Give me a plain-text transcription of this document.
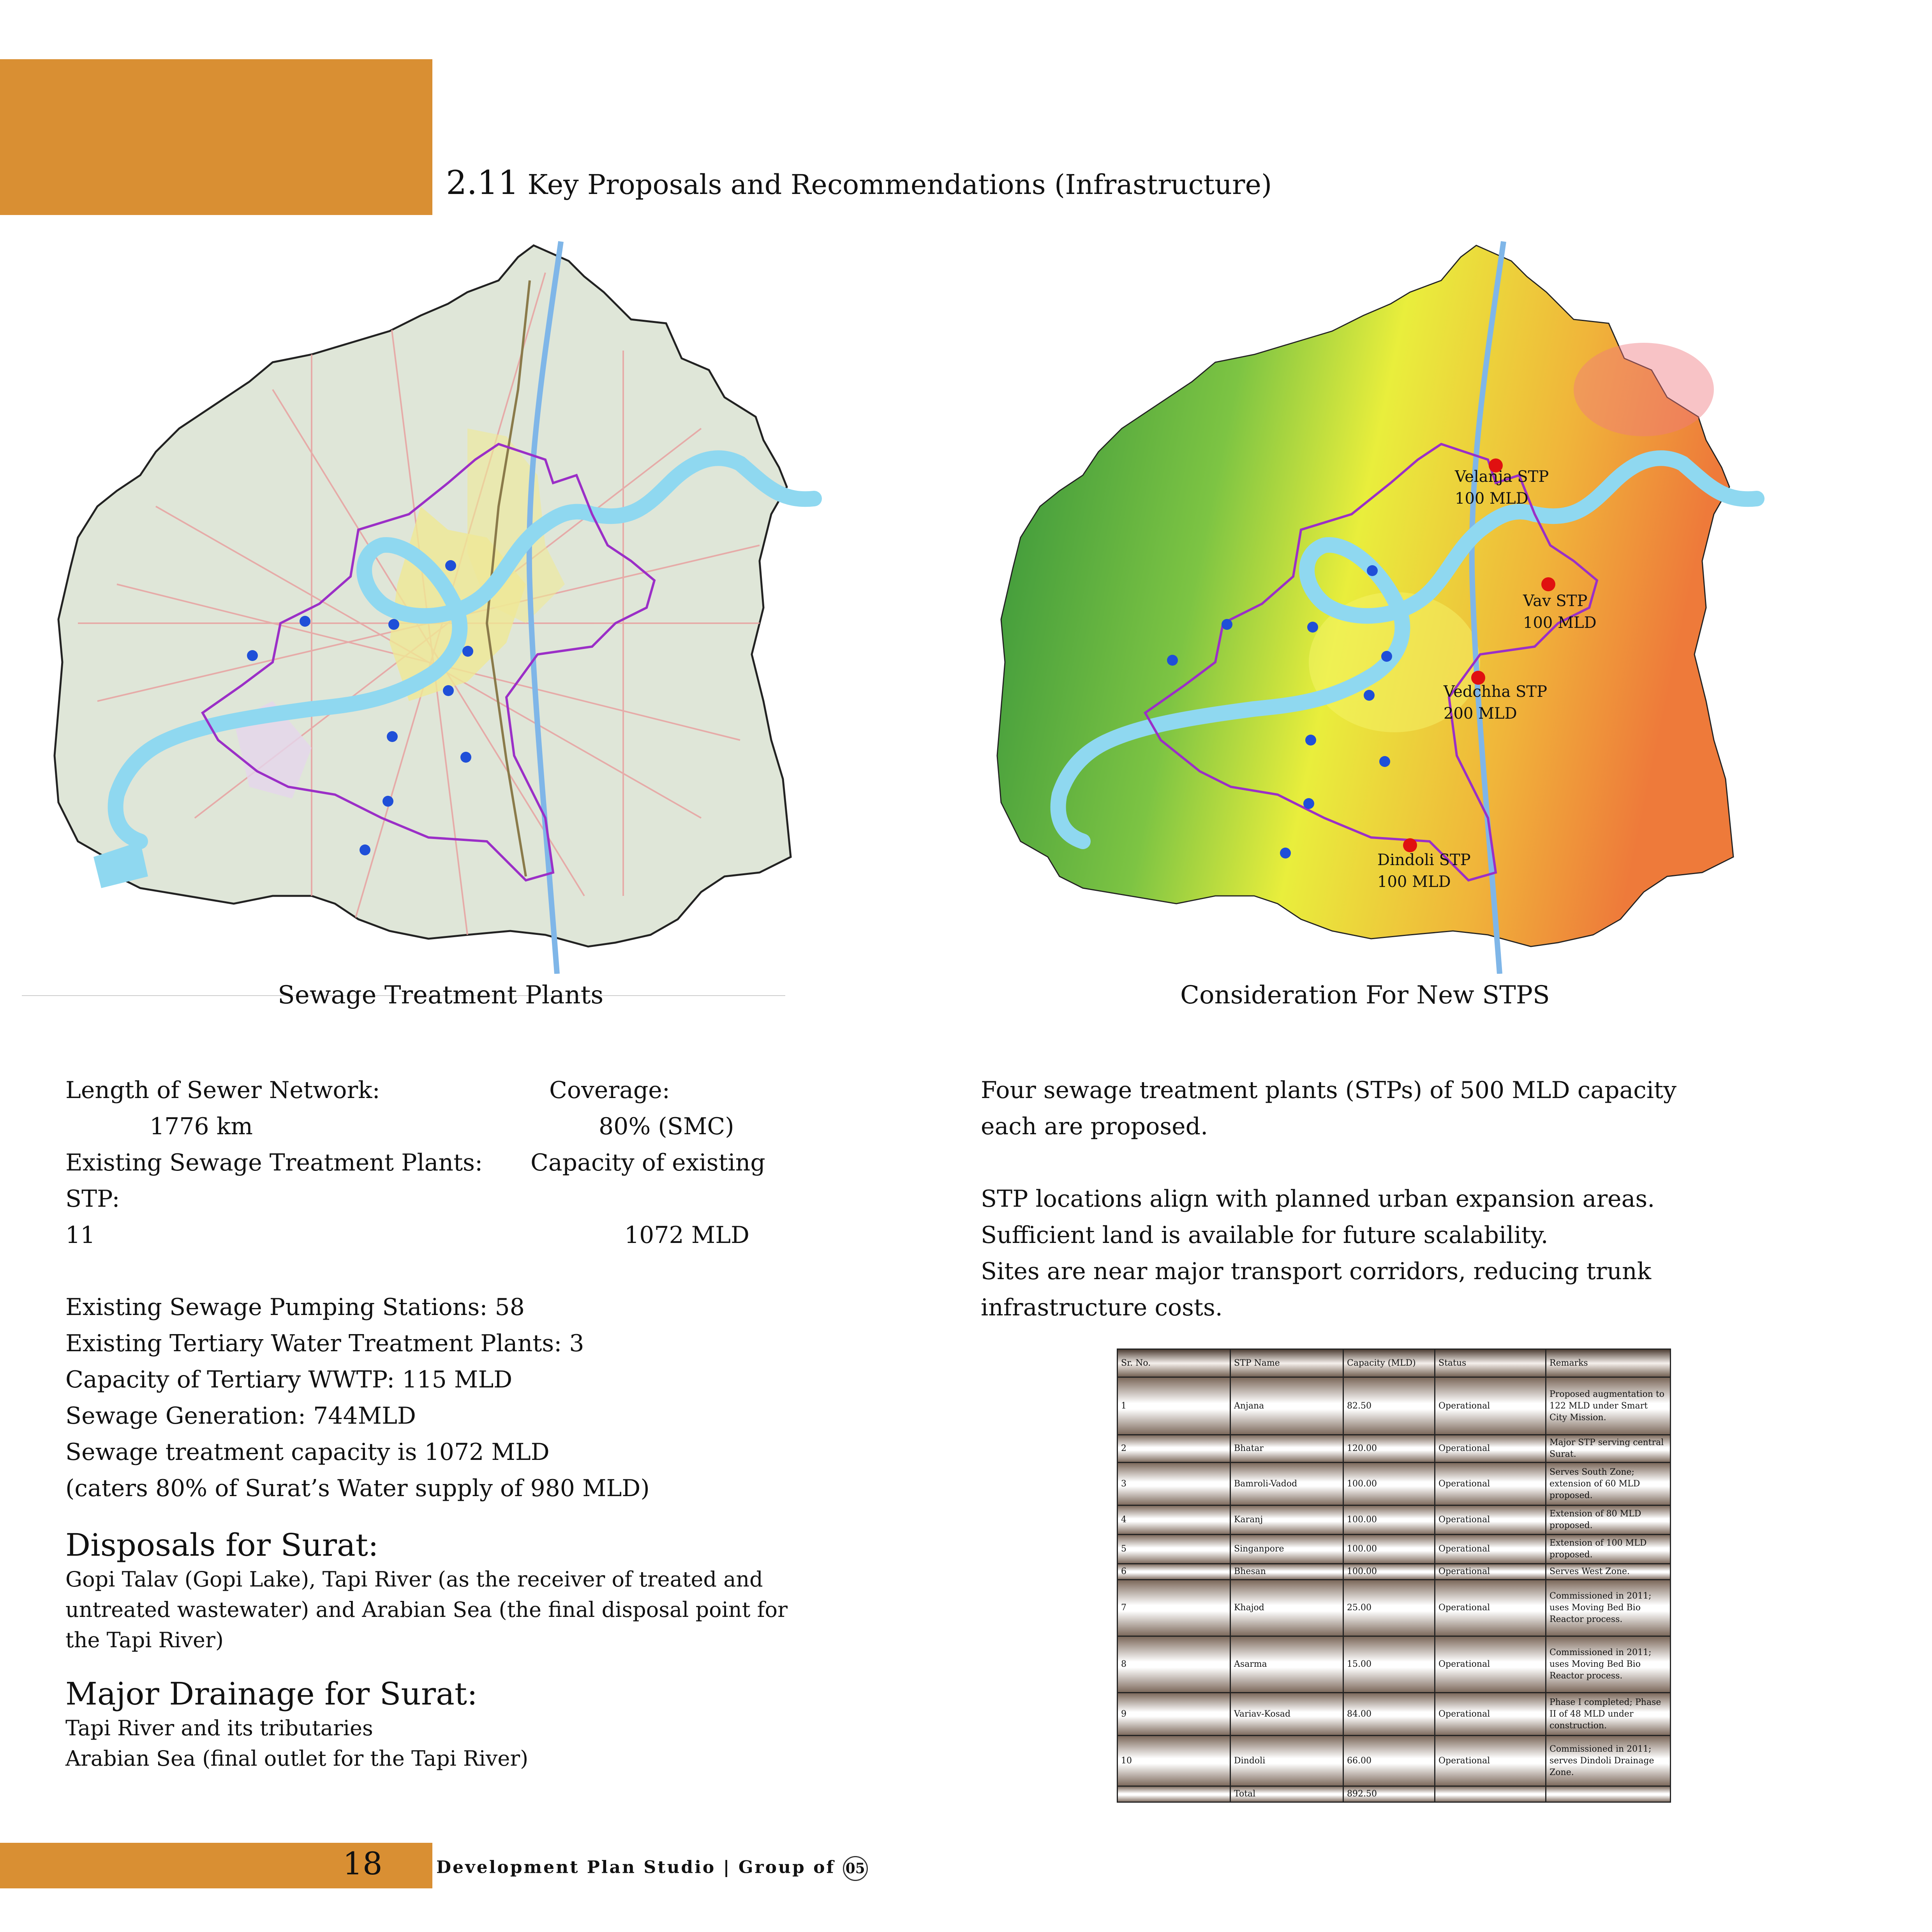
2.11 Key Proposals and Recommendations (Infrastructure)
Sewage Treatment Plants
Velanja STP
100 MLD
Vav STP
100 MLD
Vedchha STP
200 MLD
Dindoli STP
100 MLD
Consideration For New STPS
Length of Sewer Network:	Coverage:
1776 km	80% (SMC)
Existing Sewage Treatment Plants: Capacity of existing
STP:
11	1072 MLD
Existing Sewage Pumping Stations: 58
Existing Tertiary Water Treatment Plants: 3
Capacity of Tertiary WWTP: 115 MLD
Sewage Generation: 744MLD
Sewage treatment capacity is 1072 MLD
(caters 80% of Surat’s Water supply of 980 MLD)
Disposals for Surat:
Gopi Talav (Gopi Lake), Tapi River (as the receiver of treated and
untreated wastewater) and Arabian Sea (the final disposal point for
the Tapi River)
Major Drainage for Surat:
Tapi River and its tributaries
Arabian Sea (final outlet for the Tapi River)
Four sewage treatment plants (STPs) of 500 MLD capacity
each are proposed.
STP locations align with planned urban expansion areas.
Sufficient land is available for future scalability.
Sites are near major transport corridors, reducing trunk
infrastructure costs.
Sr. No.	STP Name	Capacity (MLD)	Status	Remarks
1	Anjana	82.50	Operational	Proposed augmentation to 122 MLD under Smart City Mission.
2	Bhatar	120.00	Operational	Major STP serving central Surat.
3	Bamroli-Vadod	100.00	Operational	Serves South Zone; extension of 60 MLD proposed.
4	Karanj	100.00	Operational	Extension of 80 MLD proposed.
5	Singanpore	100.00	Operational	Extension of 100 MLD proposed.
6	Bhesan	100.00	Operational	Serves West Zone.
7	Khajod	25.00	Operational	Commissioned in 2011; uses Moving Bed Bio Reactor process.
8	Asarma	15.00	Operational	Commissioned in 2011; uses Moving Bed Bio Reactor process.
9	Variav-Kosad	84.00	Operational	Phase I completed; Phase II of 48 MLD under construction.
10	Dindoli	66.00	Operational	Commissioned in 2011; serves Dindoli Drainage Zone.
	Total	892.50		
18	Development Plan Studio | Group of 05
